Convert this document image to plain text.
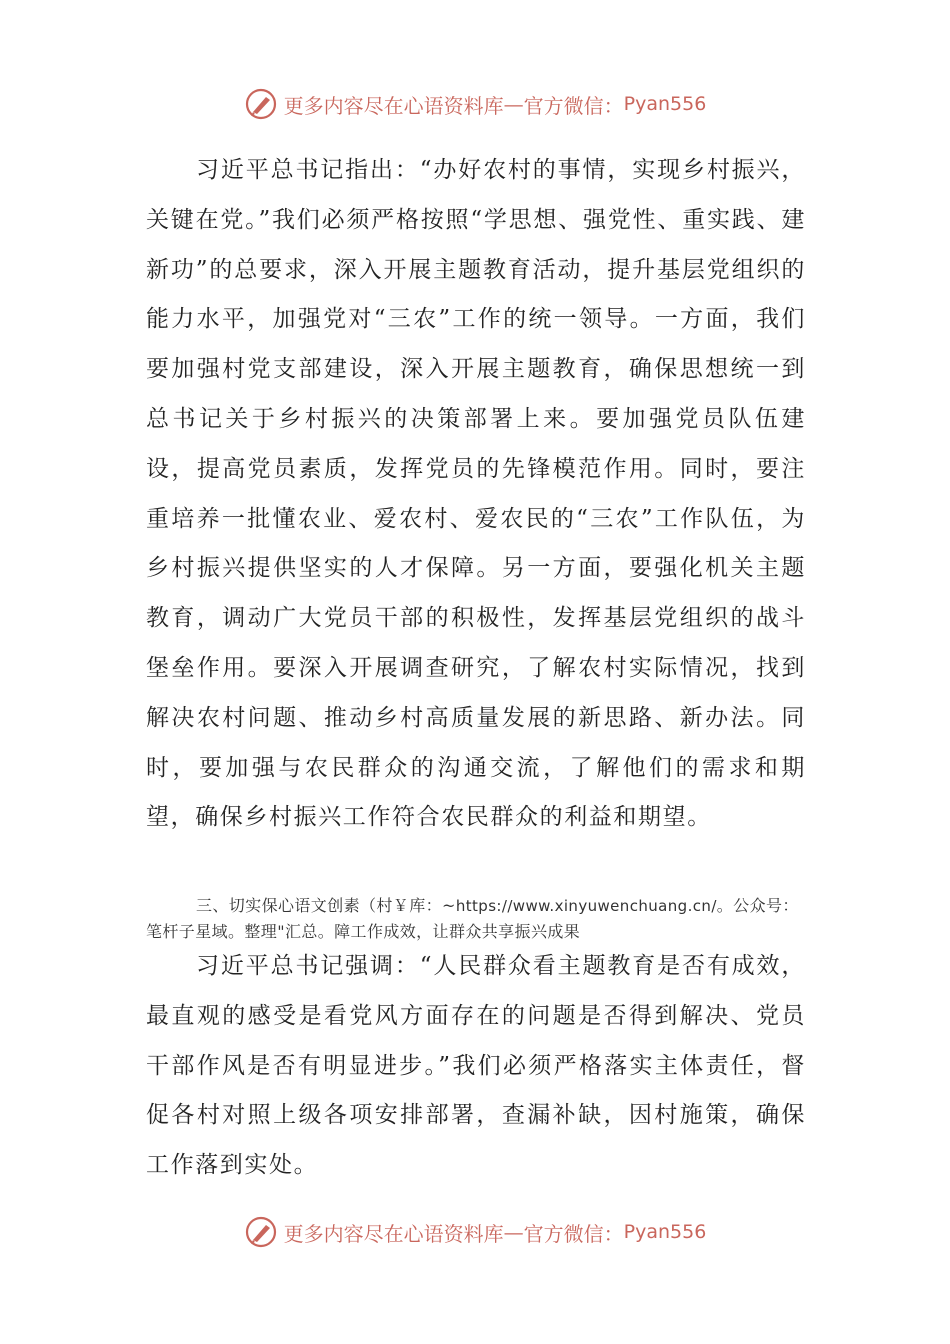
更多内容尽在心语资料库 — 官方微信： Pyan556

习近平总书记指出：“办好农村的事情，实现乡村振兴，关键在党。”我们必须严格按照“学思想、强党性、重实践、建新功”的总要求，深入开展主题教育活动，提升基层党组织的能力水平，加强党对“三农”工作的统一领导。一方面，我们要加强村党支部建设，深入开展主题教育，确保思想统一到总书记关于乡村振兴的决策部署上来。要加强党员队伍建设，提高党员素质，发挥党员的先锋模范作用。同时，要注重培养一批懂农业、爱农村、爱农民的“三农”工作队伍，为乡村振兴提供坚实的人才保障。另一方面，要强化机关主题教育，调动广大党员干部的积极性，发挥基层党组织的战斗堡垒作用。要深入开展调查研究，了解农村实际情况，找到解决农村问题、推动乡村高质量发展的新思路、新办法。同时，要加强与农民群众的沟通交流，了解他们的需求和期望，确保乡村振兴工作符合农民群众的利益和期望。

三、切实保心语文创素（村￥库：~https://www.xinyuwenchuang.cn/。公众号：笔杆子星域。整理"汇总。障工作成效，让群众共享振兴成果

习近平总书记强调：“人民群众看主题教育是否有成效，最直观的感受是看党风方面存在的问题是否得到解决、党员干部作风是否有明显进步。”我们必须严格落实主体责任，督促各村对照上级各项安排部署，查漏补缺，因村施策，确保工作落到实处。

更多内容尽在心语资料库 — 官方微信： Pyan556
